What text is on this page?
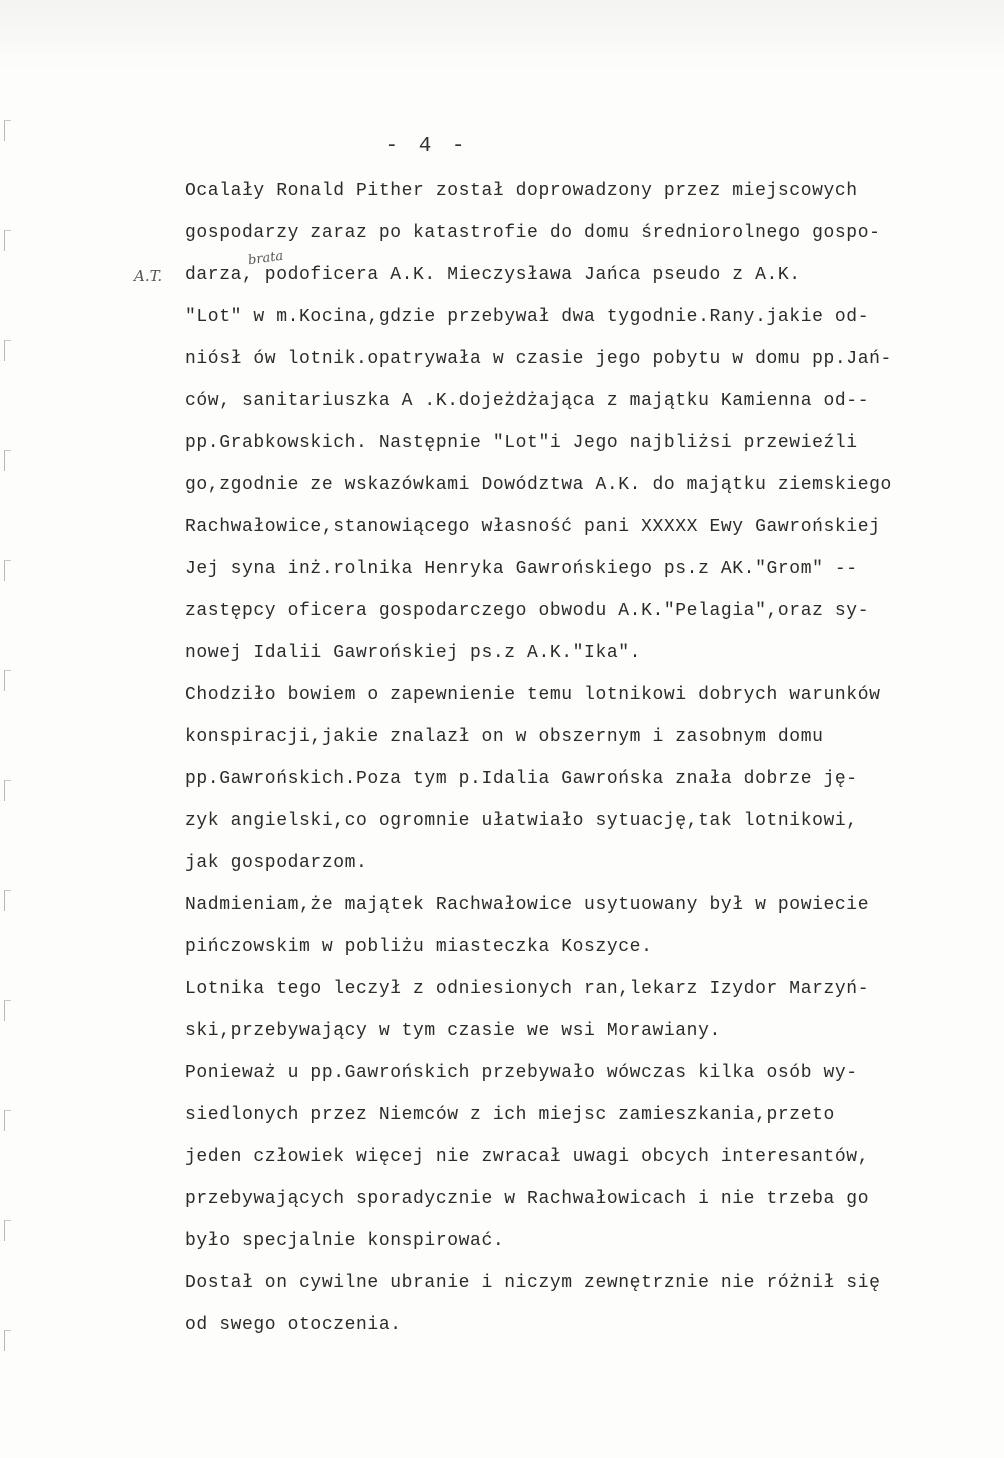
- 4 -
A.T.
brata
Ocalały Ronald Pither został doprowadzony przez miejscowych
gospodarzy zaraz po katastrofie do domu średniorolnego gospo-
darza, podoficera A.K. Mieczysława Jańca pseudo z A.K.
"Lot" w m.Kocina,gdzie przebywał dwa tygodnie.Rany.jakie od-
niósł ów lotnik.opatrywała w czasie jego pobytu w domu pp.Jań-
ców, sanitariuszka A .K.dojeżdżająca z majątku Kamienna od--
pp.Grabkowskich. Następnie "Lot"i Jego najbliżsi przewieźli
go,zgodnie ze wskazówkami Dowództwa A.K. do majątku ziemskiego
Rachwałowice,stanowiącego własność pani XXXXX Ewy Gawrońskiej
Jej syna inż.rolnika Henryka Gawrońskiego ps.z AK."Grom" --
zastępcy oficera gospodarczego obwodu A.K."Pelagia",oraz sy-
nowej Idalii Gawrońskiej ps.z A.K."Ika".
Chodziło bowiem o zapewnienie temu lotnikowi dobrych warunków
konspiracji,jakie znalazł on w obszernym i zasobnym domu
pp.Gawrońskich.Poza tym p.Idalia Gawrońska znała dobrze ję-
zyk angielski,co ogromnie ułatwiało sytuację,tak lotnikowi,
jak gospodarzom.
Nadmieniam,że majątek Rachwałowice usytuowany był w powiecie
pińczowskim w pobliżu miasteczka Koszyce.
Lotnika tego leczył z odniesionych ran,lekarz Izydor Marzyń-
ski,przebywający w tym czasie we wsi Morawiany.
Ponieważ u pp.Gawrońskich przebywało wówczas kilka osób wy-
siedlonych przez Niemców z ich miejsc zamieszkania,przeto
jeden człowiek więcej nie zwracał uwagi obcych interesantów,
przebywających sporadycznie w Rachwałowicach i nie trzeba go
było specjalnie konspirować.
Dostał on cywilne ubranie i niczym zewnętrznie nie różnił się
od swego otoczenia.
